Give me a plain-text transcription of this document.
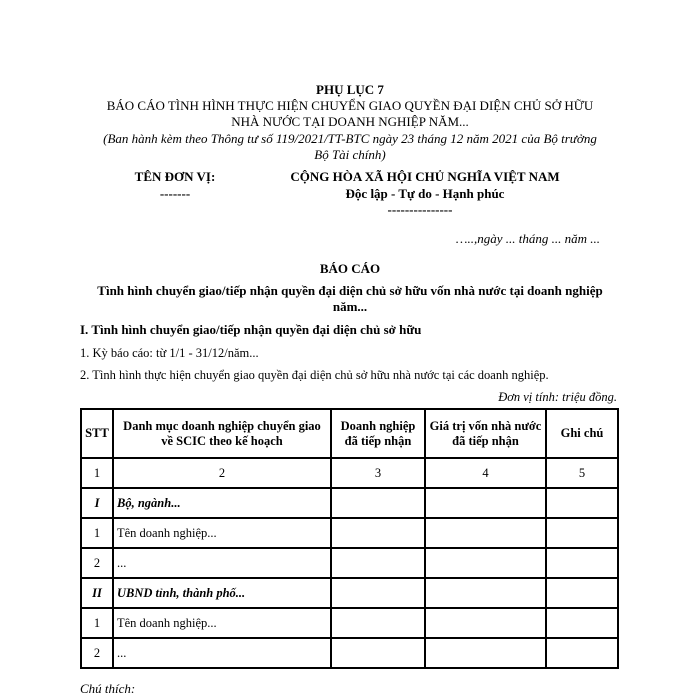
PHỤ LỤC 7

BÁO CÁO TÌNH HÌNH THỰC HIỆN CHUYỂN GIAO QUYỀN ĐẠI DIỆN CHỦ SỞ HỮU

NHÀ NƯỚC TẠI DOANH NGHIỆP NĂM...

(Ban hành kèm theo Thông tư số 119/2021/TT-BTC ngày 23 tháng 12 năm 2021 của Bộ trưởng

Bộ Tài chính)

TÊN ĐƠN VỊ:

-------

CỘNG HÒA XÃ HỘI CHỦ NGHĨA VIỆT NAM

Độc lập - Tự do - Hạnh phúc

---------------

…..,ngày ... tháng ... năm ...

BÁO CÁO

Tình hình chuyển giao/tiếp nhận quyền đại diện chủ sở hữu vốn nhà nước tại doanh nghiệp

năm...

I. Tình hình chuyển giao/tiếp nhận quyền đại diện chủ sở hữu

1. Kỳ báo cáo: từ 1/1 - 31/12/năm...

2. Tình hình thực hiện chuyển giao quyền đại diện chủ sở hữu nhà nước tại các doanh nghiệp.

Đơn vị tính: triệu đồng.

STT	Danh mục doanh nghiệp chuyển giao về SCIC theo kế hoạch	Doanh nghiệp đã tiếp nhận	Giá trị vốn nhà nước đã tiếp nhận	Ghi chú
1	2	3	4	5
I	Bộ, ngành...			
1	Tên doanh nghiệp...			
2	...			
II	UBND tỉnh, thành phố...			
1	Tên doanh nghiệp...			
2	...			

Chú thích:
